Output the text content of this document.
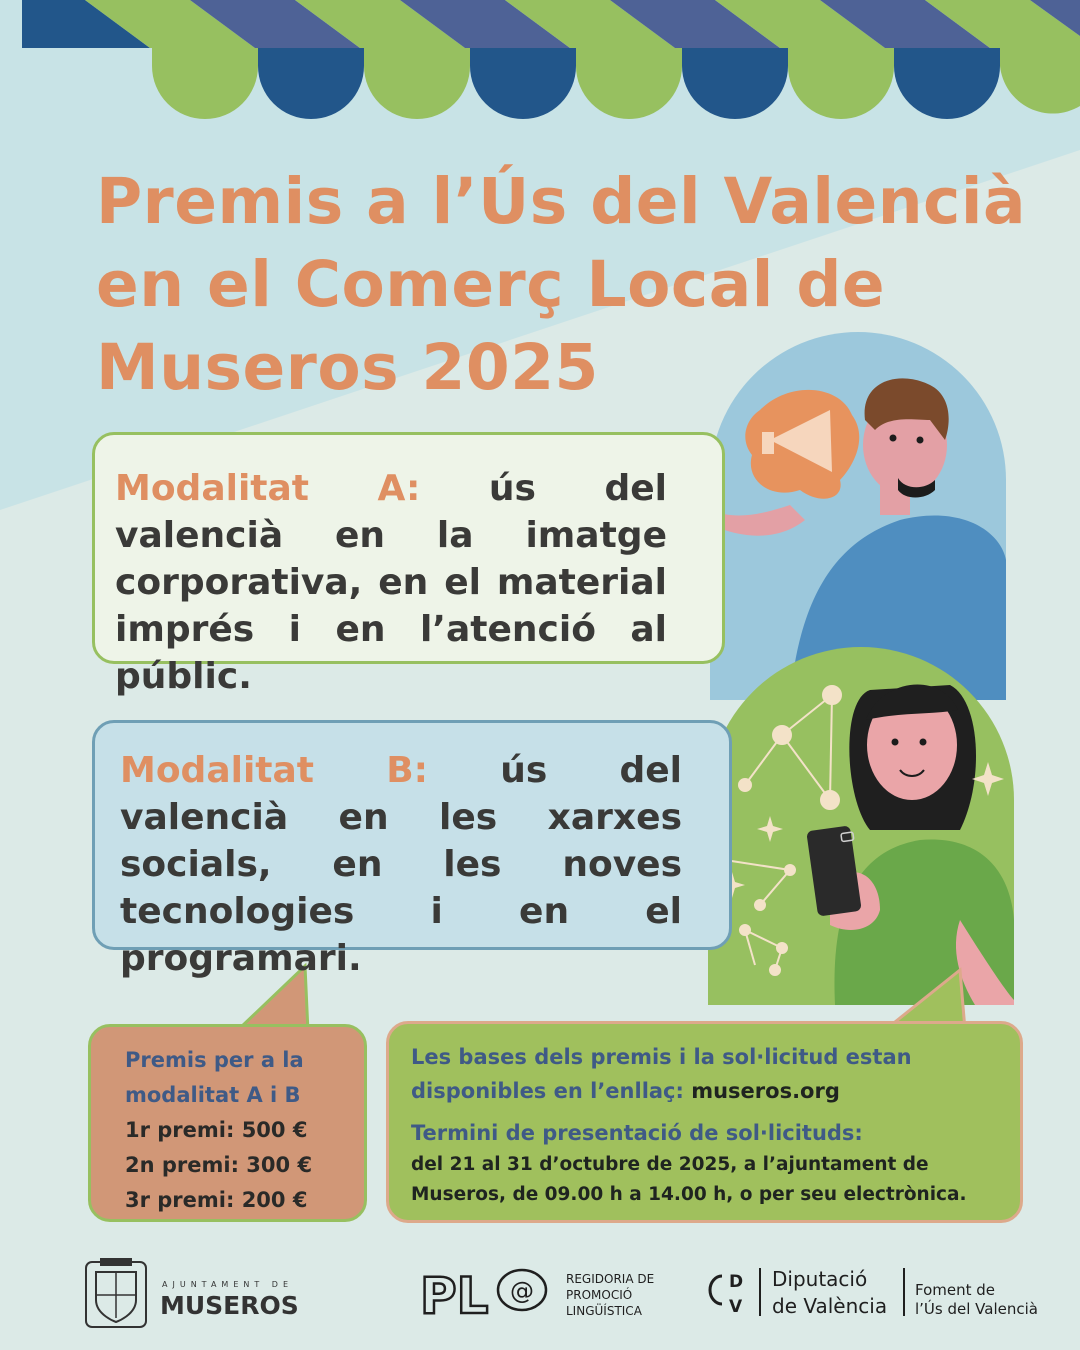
Premis a l’Ús del Valencià
en el Comerç Local de
Museros 2025
Modalitat A: ús del valencià en la imatge corporativa, en el material imprés i en l’atenció al públic.
Modalitat B: ús del valencià en les xarxes socials, en les noves tecnologies i en el programari.
Premis per a la
modalitat A i B
1r premi: 500 €
2n premi: 300 €
3r premi: 200 €
Les bases dels premis i la sol·licitud estan
disponibles en l’enllaç: museros.org
Termini de presentació de sol·licituds:
del 21 al 31 d’octubre de 2025, a l’ajuntament de
Museros, de 09.00 h a 14.00 h, o per seu electrònica.
AJUNTAMENT DE
MUSEROS PL @	REGIDORIA DE
PROMOCIÓ
LINGÜÍSTICA
D
V
Diputació
de València
Foment de
l’Ús del Valencià
